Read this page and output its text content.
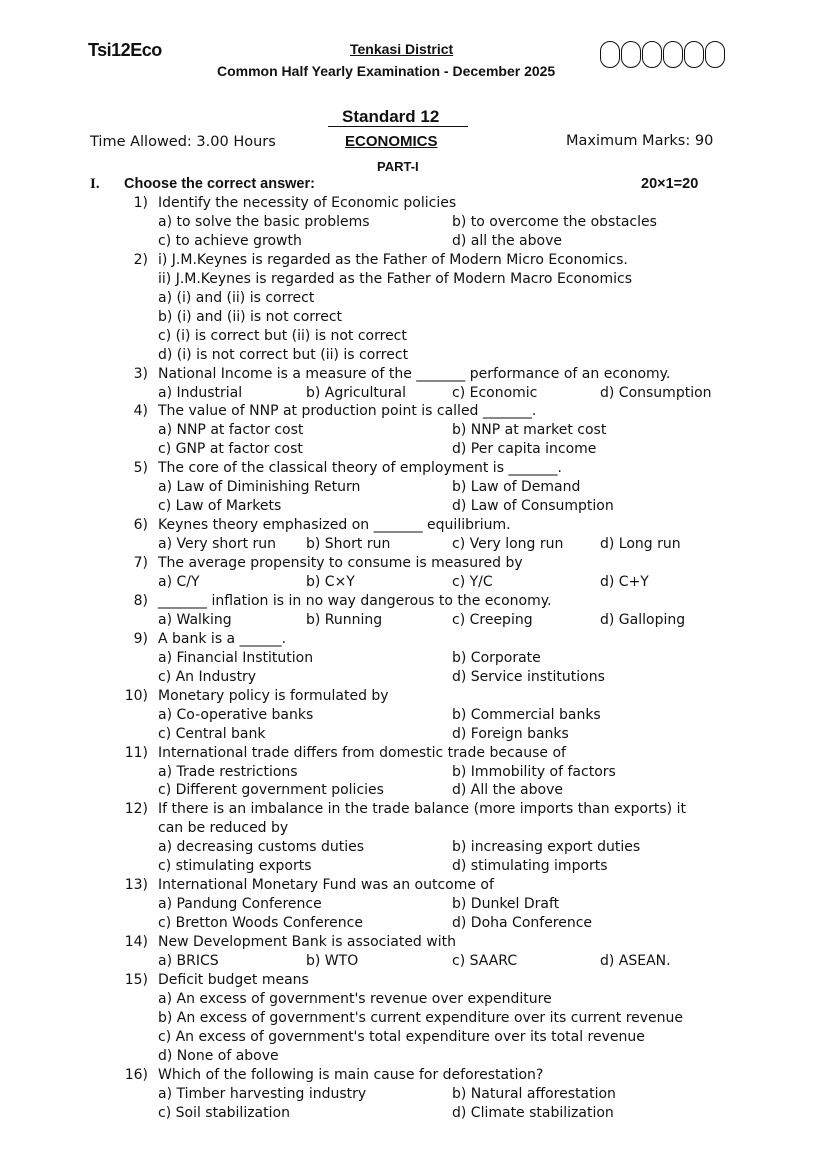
Tsi12Eco	Tenkasi District
Common Half Yearly Examination - December 2025
Standard 12
Time Allowed: 3.00 Hours	ECONOMICS	Maximum Marks: 90
PART-I
I. Choose the correct answer:	20×1=20
1) Identify the necessity of Economic policies
a) to solve the basic problems	b) to overcome the obstacles
c) to achieve growth	d) all the above
2) i) J.M.Keynes is regarded as the Father of Modern Micro Economics.
ii) J.M.Keynes is regarded as the Father of Modern Macro Economics
a) (i) and (ii) is correct
b) (i) and (ii) is not correct
c) (i) is correct but (ii) is not correct
d) (i) is not correct but (ii) is correct
3) National Income is a measure of the _______ performance of an economy.
a) Industrial	b) Agricultural	c) Economic	d) Consumption
4) The value of NNP at production point is called _______.
a) NNP at factor cost	b) NNP at market cost
c) GNP at factor cost	d) Per capita income
5) The core of the classical theory of employment is _______.
a) Law of Diminishing Return	b) Law of Demand
c) Law of Markets	d) Law of Consumption
6) Keynes theory emphasized on _______ equilibrium.
a) Very short run b) Short run	c) Very long run	d) Long run
7) The average propensity to consume is measured by
a) C/Y	b) C×Y	c) Y/C	d) C+Y
8) _______ inflation is in no way dangerous to the economy.
a) Walking	b) Running	c) Creeping	d) Galloping
9) A bank is a ______.
a) Financial Institution	b) Corporate
c) An Industry	d) Service institutions
10) Monetary policy is formulated by
a) Co-operative banks	b) Commercial banks
c) Central bank	d) Foreign banks
11) International trade differs from domestic trade because of
a) Trade restrictions	b) Immobility of factors
c) Different government policies	d) All the above
12) If there is an imbalance in the trade balance (more imports than exports) it
can be reduced by
a) decreasing customs duties	b) increasing export duties
c) stimulating exports	d) stimulating imports
13) International Monetary Fund was an outcome of
a) Pandung Conference	b) Dunkel Draft
c) Bretton Woods Conference	d) Doha Conference
14) New Development Bank is associated with
a) BRICS	b) WTO	c) SAARC	d) ASEAN.
15) Deficit budget means
a) An excess of government's revenue over expenditure
b) An excess of government's current expenditure over its current revenue
c) An excess of government's total expenditure over its total revenue
d) None of above
16) Which of the following is main cause for deforestation?
a) Timber harvesting industry	b) Natural afforestation
c) Soil stabilization	d) Climate stabilization
